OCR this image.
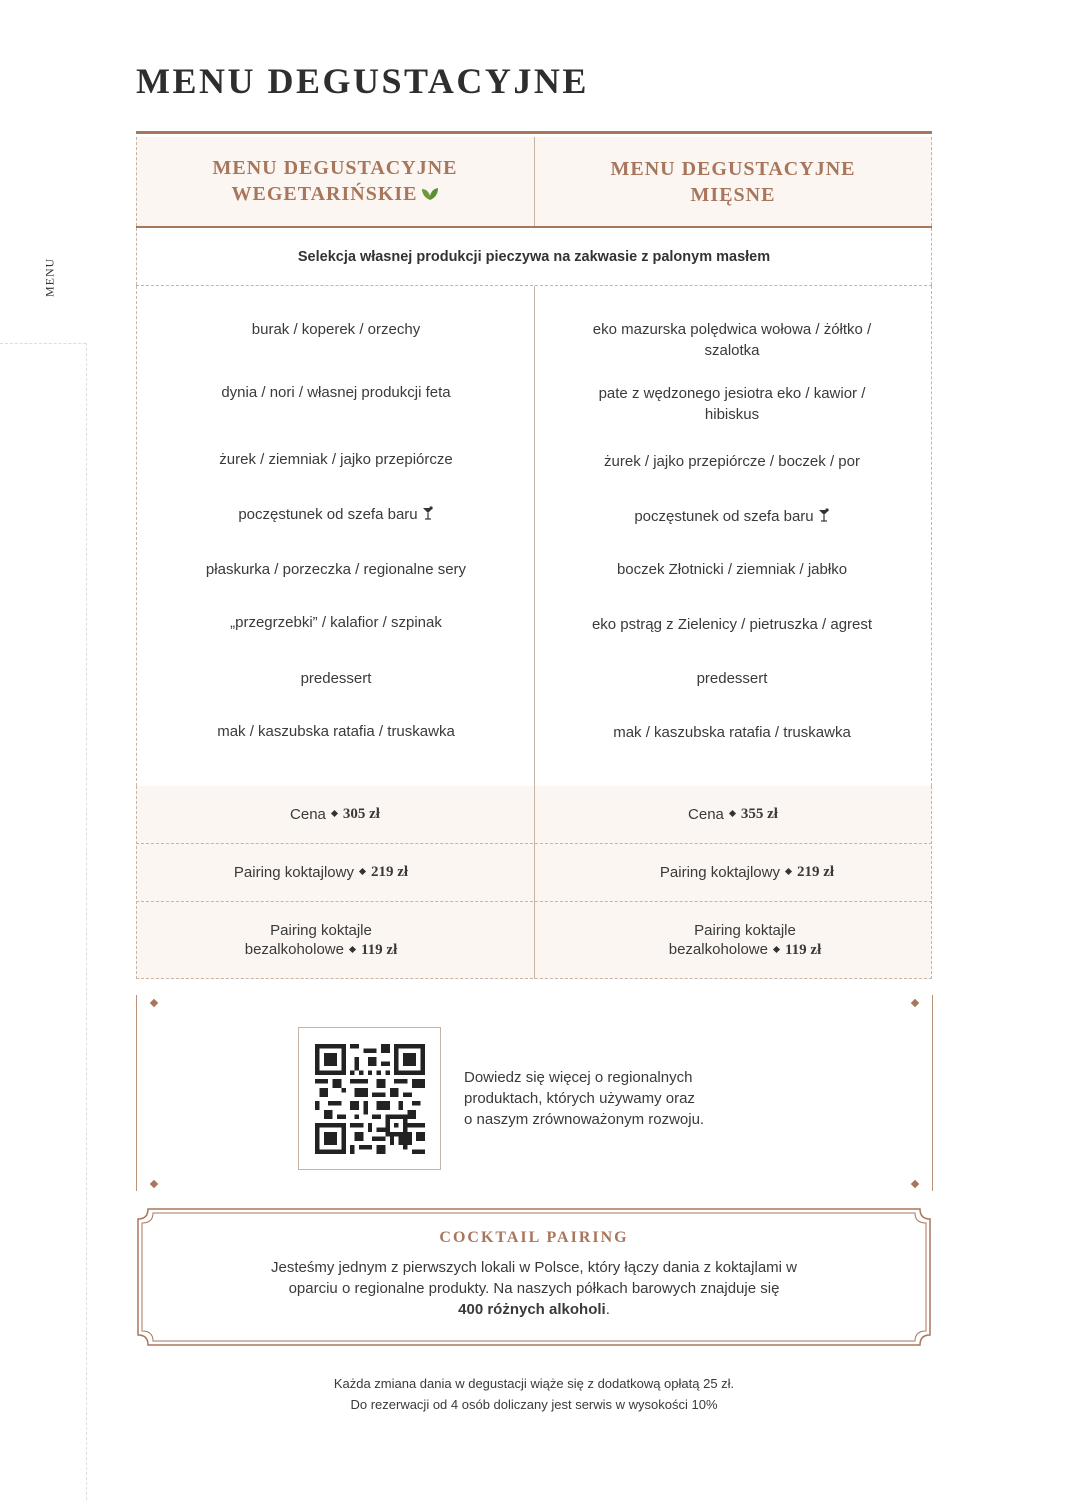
MENU
MENU DEGUSTACYJNE
MENU DEGUSTACYJNE
WEGETARIŃSKIE
MENU DEGUSTACYJNE
MIĘSNE
Selekcja własnej produkcji pieczywa na zakwasie z palonym masłem
burak / koperek / orzechy
dynia / nori / własnej produkcji feta
żurek / ziemniak / jajko przepiórcze
poczęstunek od szefa baru
płaskurka / porzeczka / regionalne sery
„przegrzebki” / kalafior / szpinak
predessert
mak / kaszubska ratafia / truskawka
eko mazurska polędwica wołowa / żółtko / szalotka
pate z wędzonego jesiotra eko / kawior / hibiskus
żurek / jajko przepiórcze / boczek / por
poczęstunek od szefa baru
boczek Złotnicki / ziemniak / jabłko
eko pstrąg z Zielenicy / pietruszka / agrest
predessert
mak / kaszubska ratafia / truskawka
Cena 305 zł	Cena 355 zł
Pairing koktajlowy 219 zł	Pairing koktajlowy 219 zł
Pairing koktajle
bezalkoholowe 119 zł
Pairing koktajle
bezalkoholowe 119 zł
Dowiedz się więcej o regionalnych
produktach, których używamy oraz
o naszym zrównoważonym rozwoju.
COCKTAIL PAIRING
Jesteśmy jednym z pierwszych lokali w Polsce, który łączy dania z koktajlami w
oparciu o regionalne produkty. Na naszych półkach barowych znajduje się
400 różnych alkoholi.
Każda zmiana dania w degustacji wiąże się z dodatkową opłatą 25 zł.
Do rezerwacji od 4 osób doliczany jest serwis w wysokości 10%
